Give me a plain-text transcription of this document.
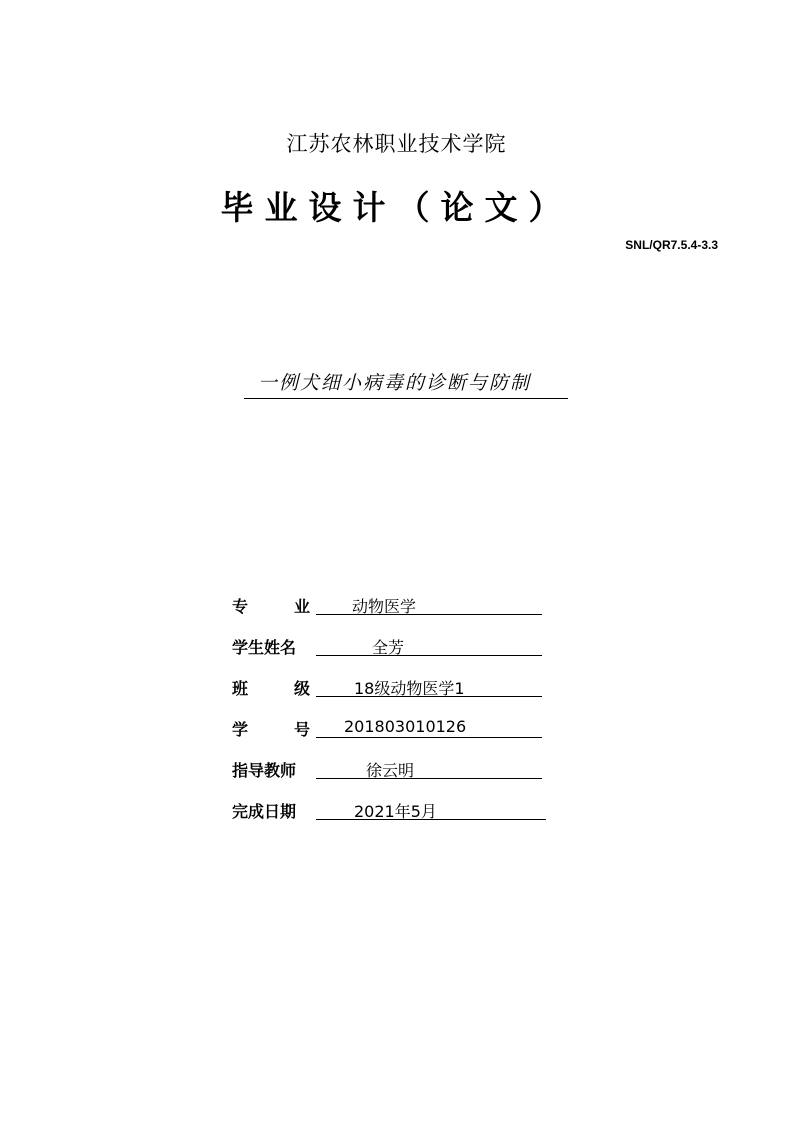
江苏农林职业技术学院
毕业设计（论文）
SNL/QR7.5.4-3.3
一例犬细小病毒的诊断与防制
专	业	动物医学
学生姓名	全芳
班	级	18级动物医学1
学	号 201803010126
指导教师	徐云明
完成日期	2021年5月
